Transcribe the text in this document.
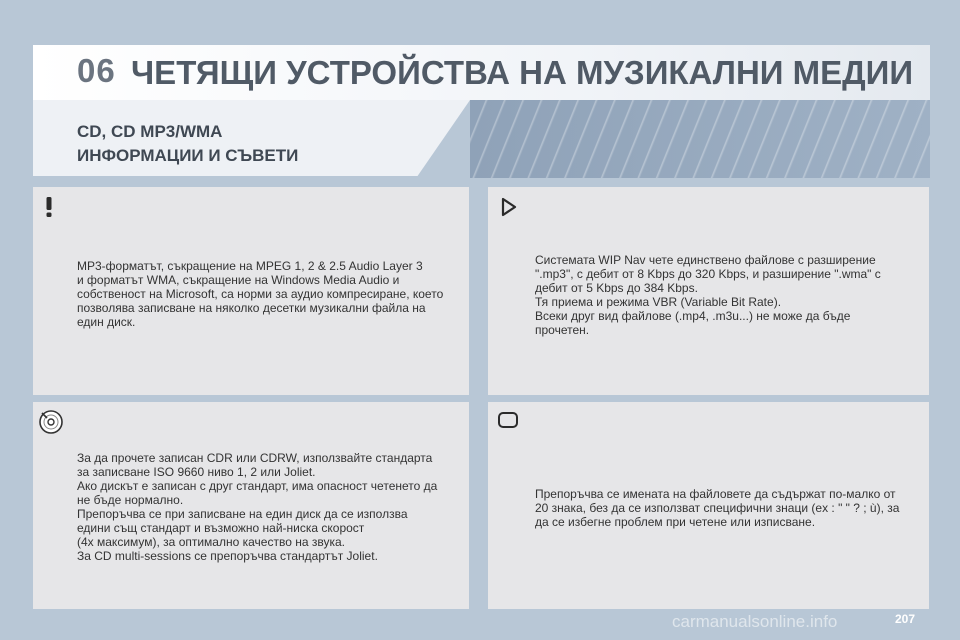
06 ЧЕТЯЩИ УСТРОЙСТВА НА МУЗИКАЛНИ МЕДИИ
CD, CD MP3/WMA
ИНФОРМАЦИИ И СЪВЕТИ
MP3-форматът, съкращение на MPEG 1, 2 & 2.5 Audio Layer 3
и форматът WMA, съкращение на Windows Media Audio и
собственост на Microsoft, са норми за аудио компресиране, което
позволява записване на няколко десетки музикални файла на
един диск.
Системата WIP Nav чете единствено файлове с разширение
".mp3", с дебит от 8 Kbps до 320 Kbps, и разширение ".wma" с
дебит от 5 Kbps до 384 Kbps.
Тя приема и режима VBR (Variable Bit Rate).
Всеки друг вид файлове (.mp4, .m3u...) не може да бъде
прочетен.
За да прочете записан CDR или CDRW, използвайте стандарта
за записване ISO 9660 ниво 1, 2 или Joliet.
Ако дискът е записан с друг стандарт, има опасност четенето да
не бъде нормално.
Препоръчва се при записване на един диск да се използва
едини същ стандарт и възможно най-ниска скорост
(4x максимум), за оптимално качество на звука.
За CD multi-sessions се препоръчва стандартът Joliet.
Препоръчва се имената на файловете да съдържат по-малко от
20 знака, без да се използват специфични знаци (ex : " " ? ; ù), за
да се избегне проблем при четене или изписване.
207
carmanualsonline.info
